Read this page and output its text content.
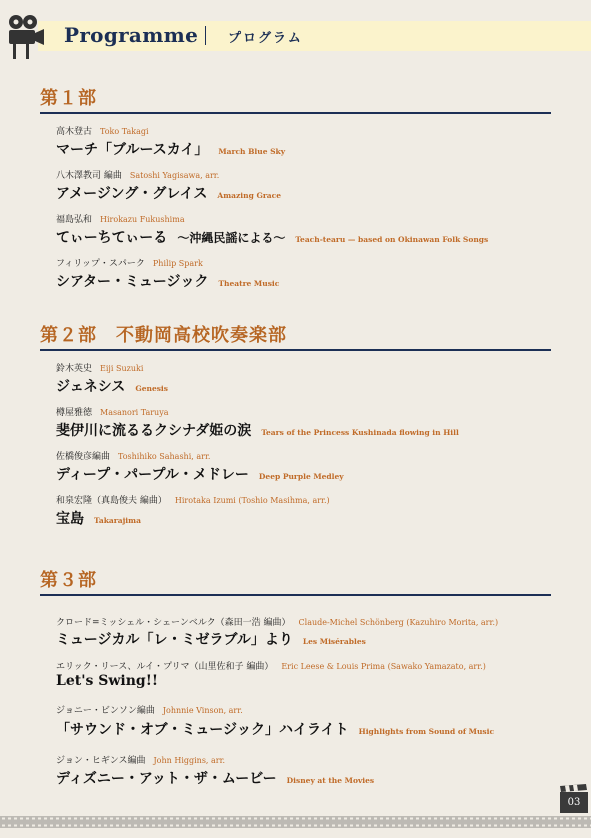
Programme プログラム
第１部
高木登古 Toko Takagi
マーチ「ブルースカイ」 March Blue Sky
八木澤教司 編曲 Satoshi Yagisawa, arr.
アメージング・グレイス Amazing Grace
福島弘和 Hirokazu Fukushima
てぃーちてぃーる 〜沖縄民謡による〜 Teach-tearu — based on Okinawan Folk Songs
フィリップ・スパーク Philip Spark
シアター・ミュージック Theatre Music
第２部　不動岡高校吹奏楽部
鈴木英史 Eiji Suzuki
ジェネシス Genesis
樽屋雅徳 Masanori Taruya
斐伊川に流るるクシナダ姫の涙 Tears of the Princess Kushinada flowing in Hill
佐橋俊彦編曲 Toshihiko Sahashi, arr.
ディープ・パープル・メドレー Deep Purple Medley
和泉宏隆（真島俊夫 編曲） Hirotaka Izumi (Toshio Masihma, arr.)
宝島 Takarajima
第３部
クロード=ミッシェル・シェーンベルク（森田一浩 編曲） Claude-Michel Schönberg (Kazuhiro Morita, arr.)
ミュージカル「レ・ミゼラブル」より Les Misérables
エリック・リース、ルイ・プリマ（山里佐和子 編曲） Eric Leese & Louis Prima (Sawako Yamazato, arr.)
Let's Swing!!
ジョニー・ビンソン編曲 Johnnie Vinson, arr.
「サウンド・オブ・ミュージック」ハイライト Highlights from Sound of Music
ジョン・ヒギンス編曲 John Higgins, arr.
ディズニー・アット・ザ・ムービー Disney at the Movies
03
